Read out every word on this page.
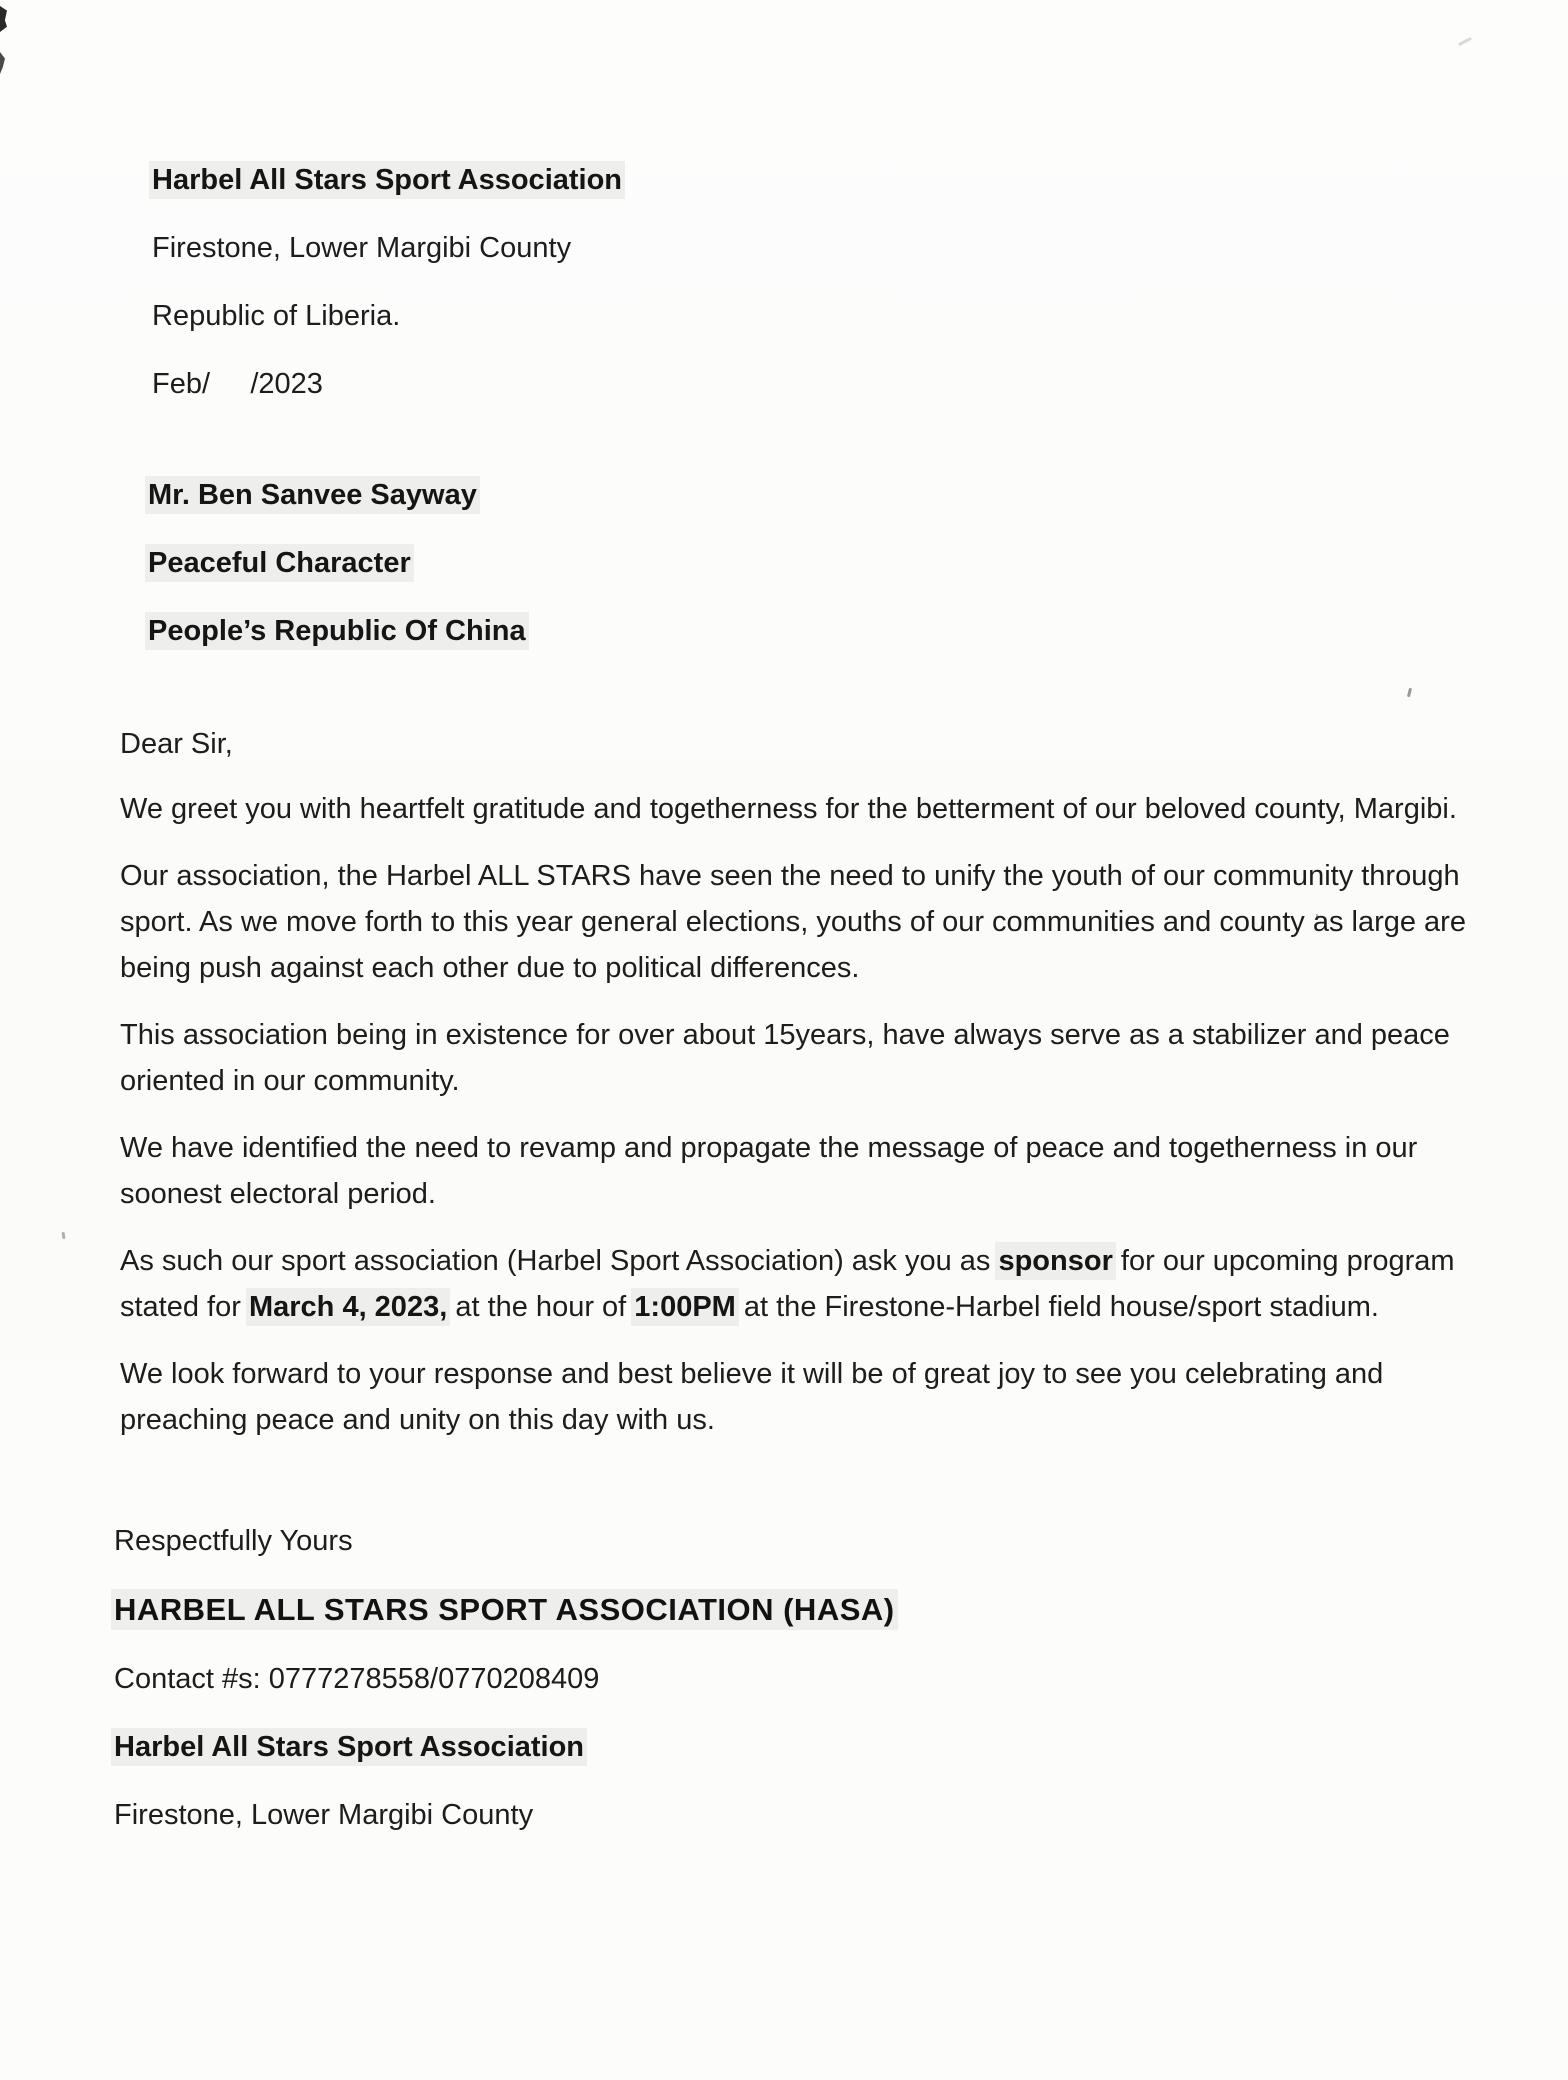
Harbel All Stars Sport Association

Firestone, Lower Margibi County

Republic of Liberia.

Feb/     /2023

Mr. Ben Sanvee Sayway

Peaceful Character

People’s Republic Of China

Dear Sir,

We greet you with heartfelt gratitude and togetherness for the betterment of our beloved county, Margibi.

Our association, the Harbel ALL STARS have seen the need to unify the youth of our community through sport. As we move forth to this year general elections, youths of our communities and county as large are being push against each other due to political differences.

This association being in existence for over about 15years, have always serve as a stabilizer and peace oriented in our community.

We have identified the need to revamp and propagate the message of peace and togetherness in our soonest electoral period.

As such our sport association (Harbel Sport Association) ask you as sponsor for our upcoming program stated for March 4, 2023, at the hour of 1:00PM at the Firestone-Harbel field house/sport stadium.

We look forward to your response and best believe it will be of great joy to see you celebrating and preaching peace and unity on this day with us.

Respectfully Yours

HARBEL ALL STARS SPORT ASSOCIATION (HASA)

Contact #s: 0777278558/0770208409

Harbel All Stars Sport Association

Firestone, Lower Margibi County
